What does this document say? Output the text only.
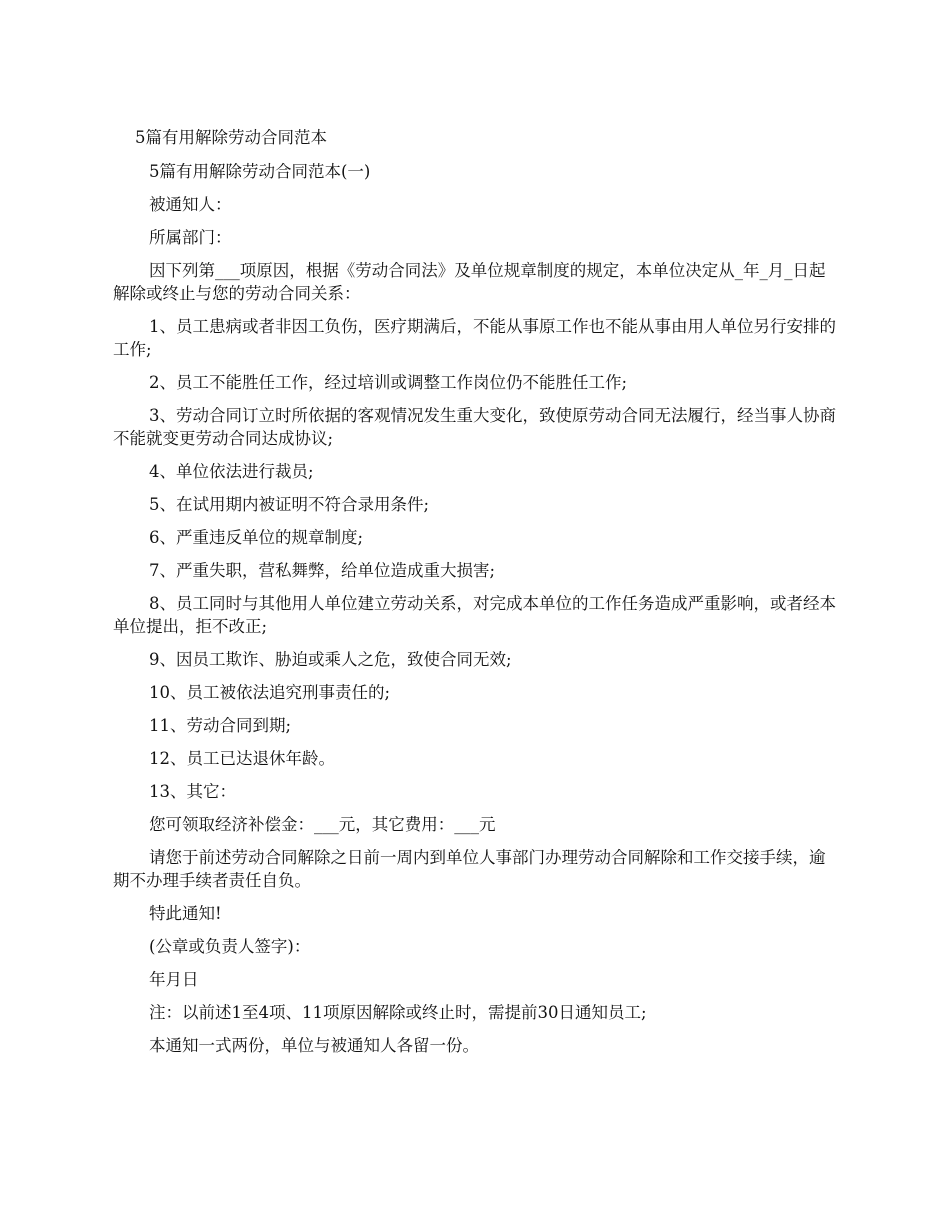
5篇有用解除劳动合同范本

5篇有用解除劳动合同范本(一)

被通知人：

所属部门：

因下列第___项原因，根据《劳动合同法》及单位规章制度的规定，本单位决定从_年_月_日起解除或终止与您的劳动合同关系：

1、员工患病或者非因工负伤，医疗期满后，不能从事原工作也不能从事由用人单位另行安排的工作;

2、员工不能胜任工作，经过培训或调整工作岗位仍不能胜任工作;

3、劳动合同订立时所依据的客观情况发生重大变化，致使原劳动合同无法履行，经当事人协商不能就变更劳动合同达成协议;

4、单位依法进行裁员;

5、在试用期内被证明不符合录用条件;

6、严重违反单位的规章制度;

7、严重失职，营私舞弊，给单位造成重大损害;

8、员工同时与其他用人单位建立劳动关系，对完成本单位的工作任务造成严重影响，或者经本单位提出，拒不改正;

9、因员工欺诈、胁迫或乘人之危，致使合同无效;

10、员工被依法追究刑事责任的;

11、劳动合同到期;

12、员工已达退休年龄。

13、其它：

您可领取经济补偿金：___元，其它费用：___元

请您于前述劳动合同解除之日前一周内到单位人事部门办理劳动合同解除和工作交接手续，逾期不办理手续者责任自负。

特此通知!

(公章或负责人签字)：

年月日

注：以前述1至4项、11项原因解除或终止时，需提前30日通知员工;

本通知一式两份，单位与被通知人各留一份。
